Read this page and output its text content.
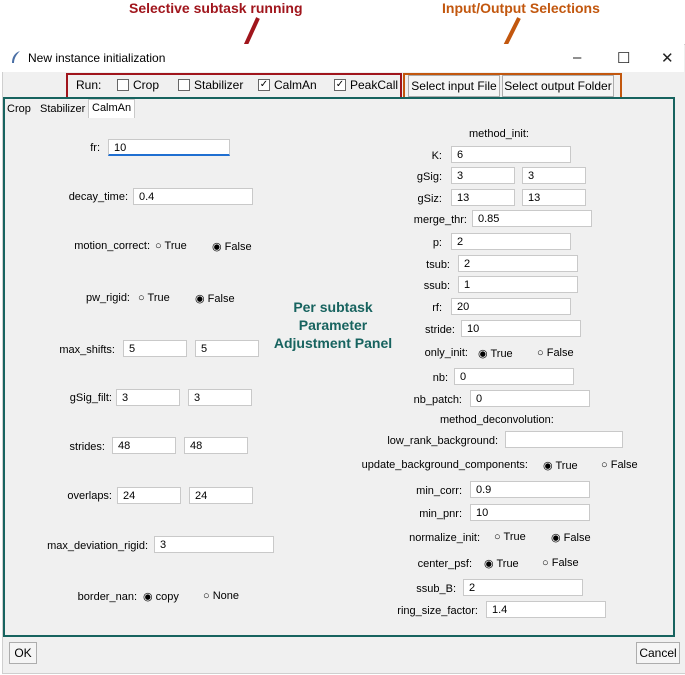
Selective subtask running	Input/Output Selections
New instance initialization	– ☐ ✕
Run:	Crop	Stabilizer ✓ CalmAn ✓ PeakCall Select input File Select output Folder
Crop Stabilizer CalmAn
Per subtask Parameter
Adjustment Panel
fr:	10
decay_time:	0.4
motion_correct: ○ True ◉ False
pw_rigid: ○ True ◉ False
max_shifts:	5	5
gSig_filt: 3	3
strides:	48	48
overlaps:	24	24
max_deviation_rigid:	3
border_nan: ◉ copy ○ None
method_init:
K:	6
gSig:	3	3
gSiz:	13	13
merge_thr:	0.85
p:	2
tsub:	2
ssub:	1
rf:	20
stride:	10
only_init: ◉ True ○ False
nb:	0
nb_patch:	0
method_deconvolution:
low_rank_background:
update_background_components: ◉ True ○ False
min_corr:	0.9
min_pnr:	10
normalize_init: ○ True ◉ False
center_psf: ◉ True ○ False
ssub_B:	2
ring_size_factor:	1.4
OK	Cancel
